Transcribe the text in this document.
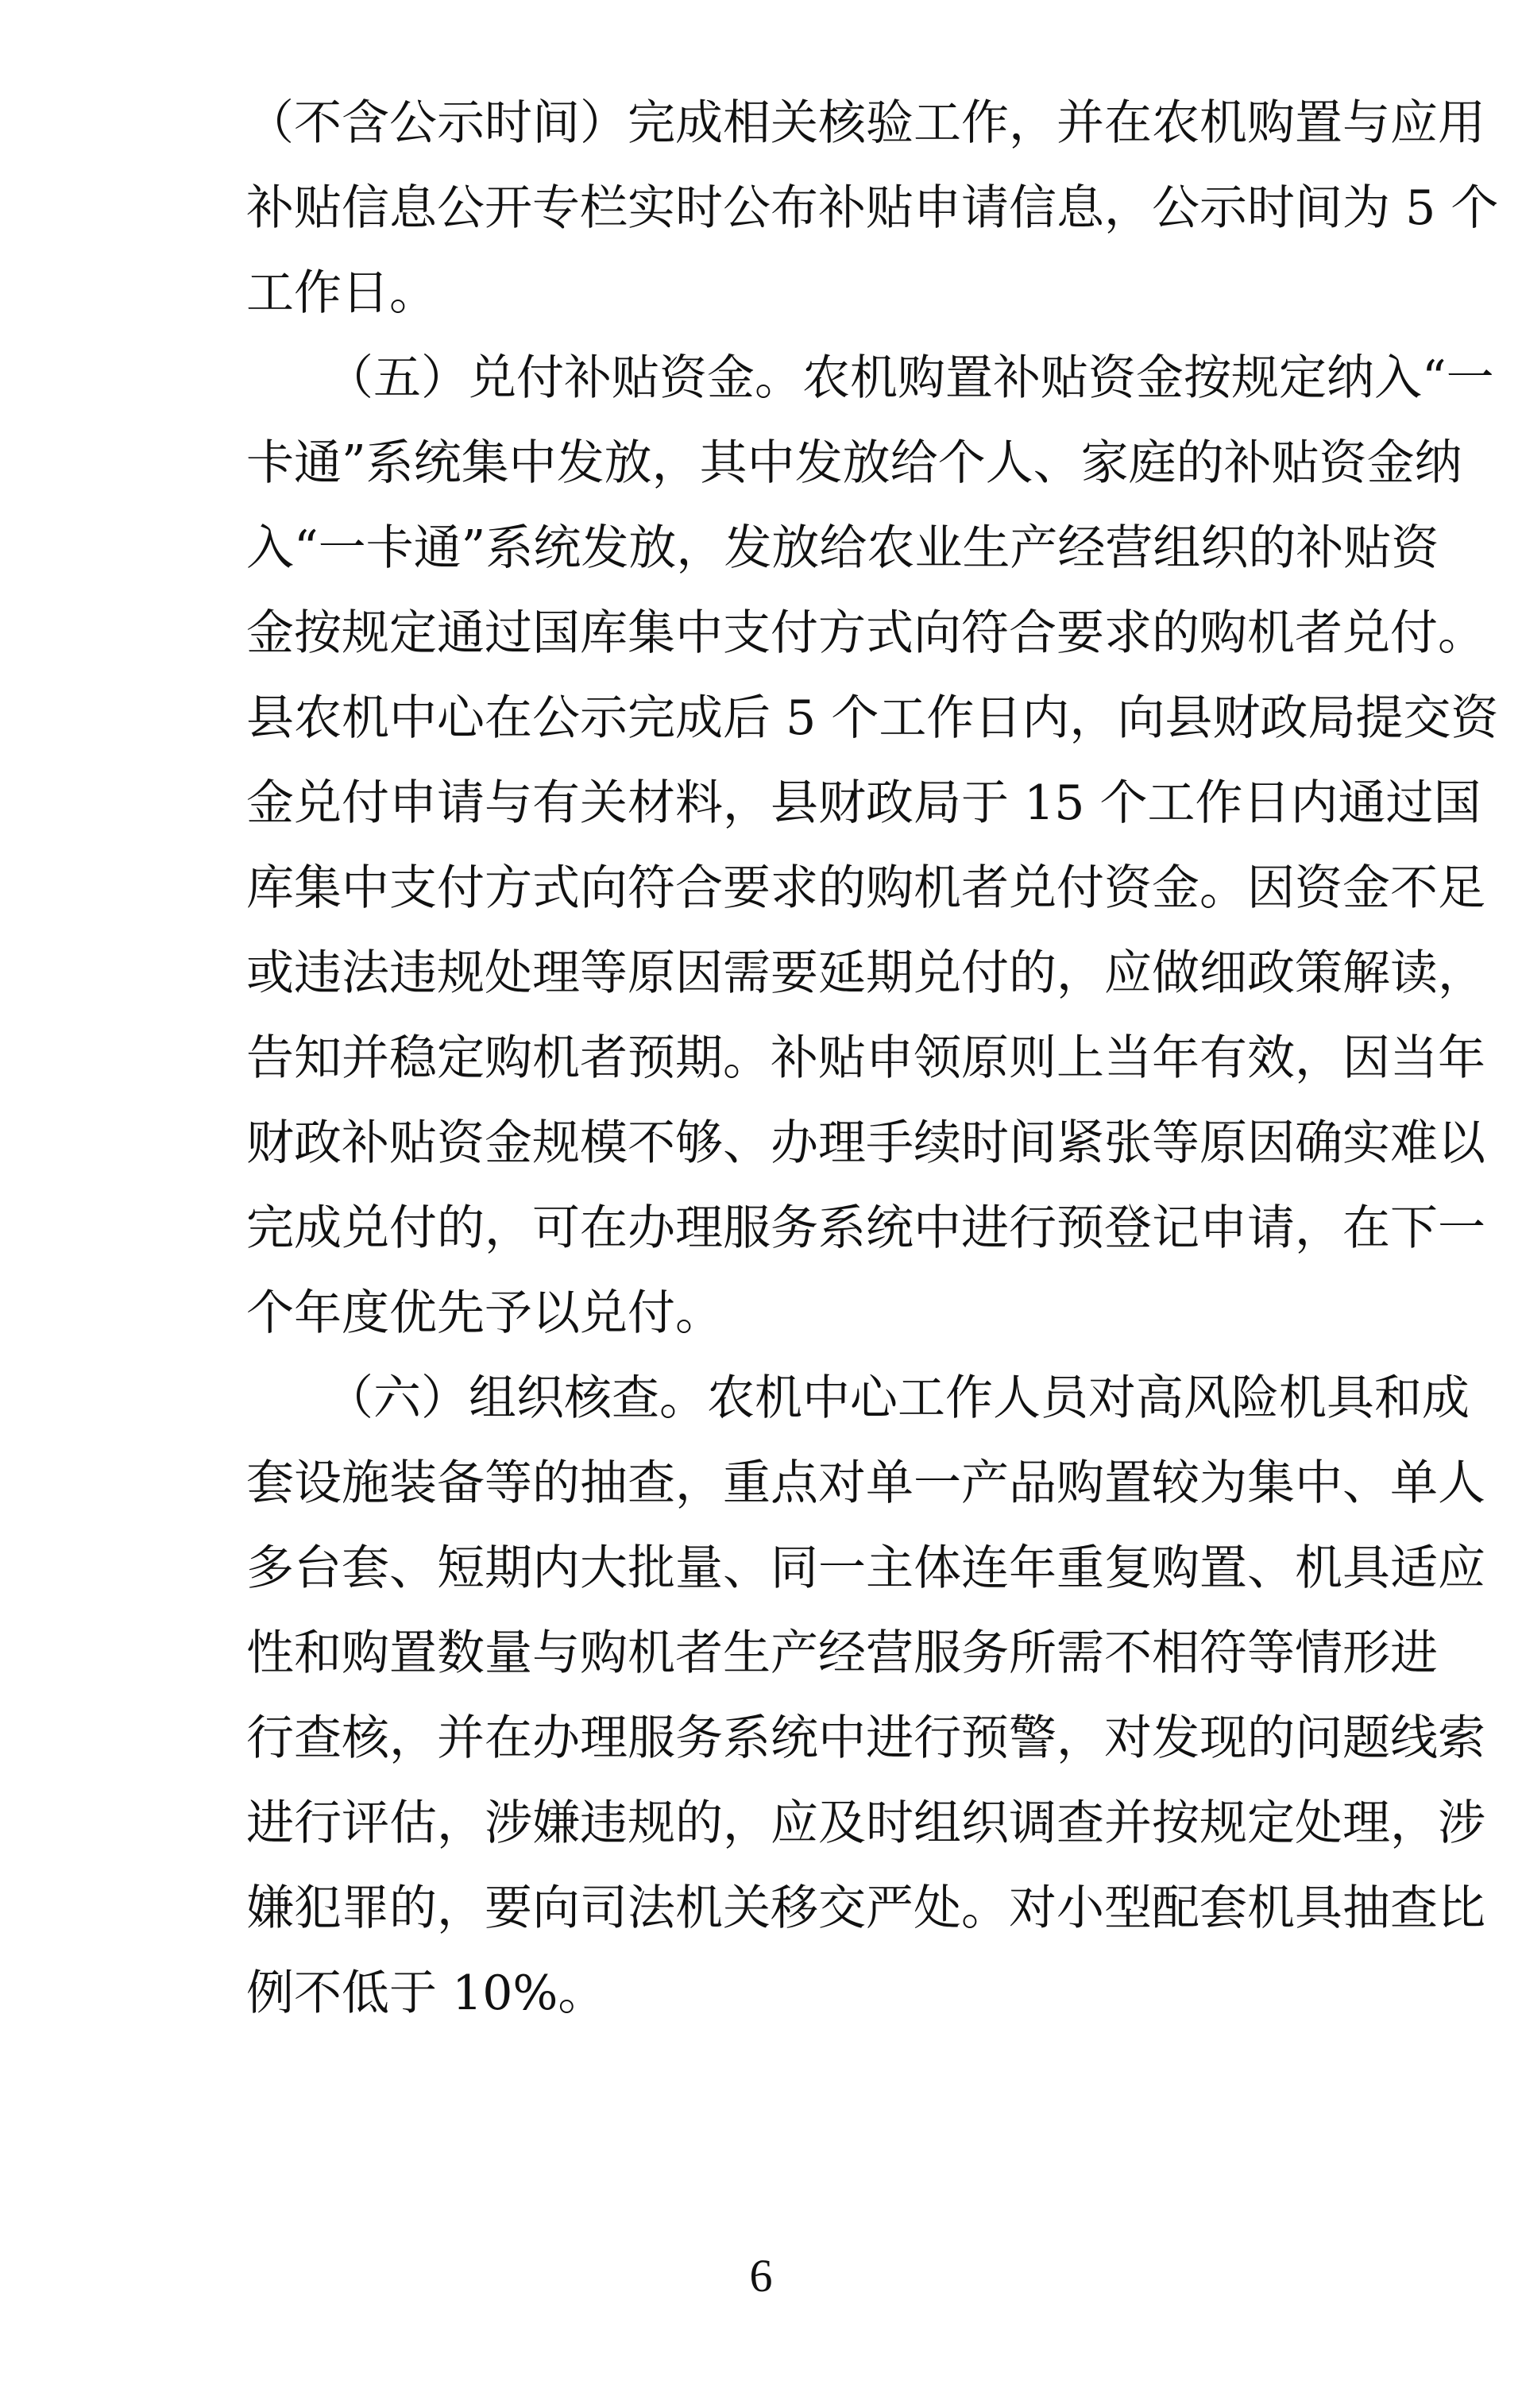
（不含公示时间）完成相关核验工作，并在农机购置与应用
补贴信息公开专栏实时公布补贴申请信息，公示时间为 5 个
工作日。
（五）兑付补贴资金。农机购置补贴资金按规定纳入“一
卡通”系统集中发放，其中发放给个人、家庭的补贴资金纳
入“一卡通”系统发放，发放给农业生产经营组织的补贴资
金按规定通过国库集中支付方式向符合要求的购机者兑付。
县农机中心在公示完成后 5 个工作日内，向县财政局提交资
金兑付申请与有关材料，县财政局于 15 个工作日内通过国
库集中支付方式向符合要求的购机者兑付资金。因资金不足
或违法违规处理等原因需要延期兑付的，应做细政策解读，
告知并稳定购机者预期。补贴申领原则上当年有效，因当年
财政补贴资金规模不够、办理手续时间紧张等原因确实难以
完成兑付的，可在办理服务系统中进行预登记申请，在下一
个年度优先予以兑付。
（六）组织核查。农机中心工作人员对高风险机具和成
套设施装备等的抽查，重点对单一产品购置较为集中、单人
多台套、短期内大批量、同一主体连年重复购置、机具适应
性和购置数量与购机者生产经营服务所需不相符等情形进
行查核，并在办理服务系统中进行预警，对发现的问题线索
进行评估，涉嫌违规的，应及时组织调查并按规定处理，涉
嫌犯罪的，要向司法机关移交严处。对小型配套机具抽查比
例不低于 10%。
6
